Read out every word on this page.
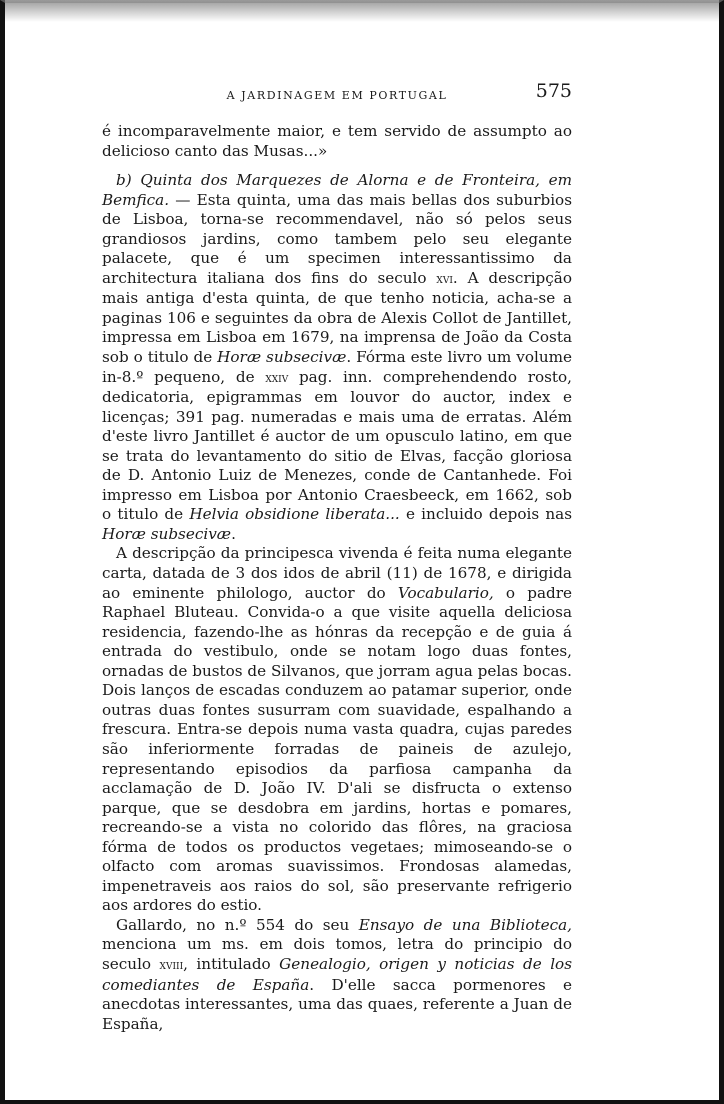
A JARDINAGEM EM PORTUGAL	575

é incomparavelmente maior, e tem servido de assumpto ao delicioso canto das Musas...»

b) Quinta dos Marquezes de Alorna e de Fronteira, em Bemfica. — Esta quinta, uma das mais bellas dos suburbios de Lisboa, torna-se recommendavel, não só pelos seus grandiosos jardins, como tambem pelo seu elegante palacete, que é um specimen interessantissimo da architectura italiana dos fins do seculo xvi. A descripção mais antiga d'esta quinta, de que tenho noticia, acha-se a paginas 106 e seguintes da obra de Alexis Collot de Jantillet, impressa em Lisboa em 1679, na imprensa de João da Costa sob o titulo de Horæ subsecivæ. Fórma este livro um volume in-8.º pequeno, de xxiv pag. inn. comprehendendo rosto, dedicatoria, epigrammas em louvor do auctor, index e licenças; 391 pag. numeradas e mais uma de erratas. Além d'este livro Jantillet é auctor de um opusculo latino, em que se trata do levantamento do sitio de Elvas, facção gloriosa de D. Antonio Luiz de Menezes, conde de Cantanhede. Foi impresso em Lisboa por Antonio Craesbeeck, em 1662, sob o titulo de Helvia obsidione liberata... e incluido depois nas Horæ subsecivæ.

A descripção da principesca vivenda é feita numa elegante carta, datada de 3 dos idos de abril (11) de 1678, e dirigida ao eminente philologo, auctor do Vocabulario, o padre Raphael Bluteau. Convida-o a que visite aquella deliciosa residencia, fazendo-lhe as hónras da recepção e de guia á entrada do vestibulo, onde se notam logo duas fontes, ornadas de bustos de Silvanos, que jorram agua pelas bocas. Dois lanços de escadas conduzem ao patamar superior, onde outras duas fontes susurram com suavidade, espalhando a frescura. Entra-se depois numa vasta quadra, cujas paredes são inferiormente forradas de paineis de azulejo, representando episodios da parfiosa campanha da acclamação de D. João IV. D'ali se disfructa o extenso parque, que se desdobra em jardins, hortas e pomares, recreando-se a vista no colorido das flôres, na graciosa fórma de todos os productos vegetaes; mimoseando-se o olfacto com aromas suavissimos. Frondosas alamedas, impenetraveis aos raios do sol, são preservante refrigerio aos ardores do estio.

Gallardo, no n.º 554 do seu Ensayo de una Biblioteca, menciona um ms. em dois tomos, letra do principio do seculo xviii, intitulado Genealogio, origen y noticias de los comediantes de España. D'elle sacca pormenores e anecdotas interessantes, uma das quaes, referente a Juan de España,
